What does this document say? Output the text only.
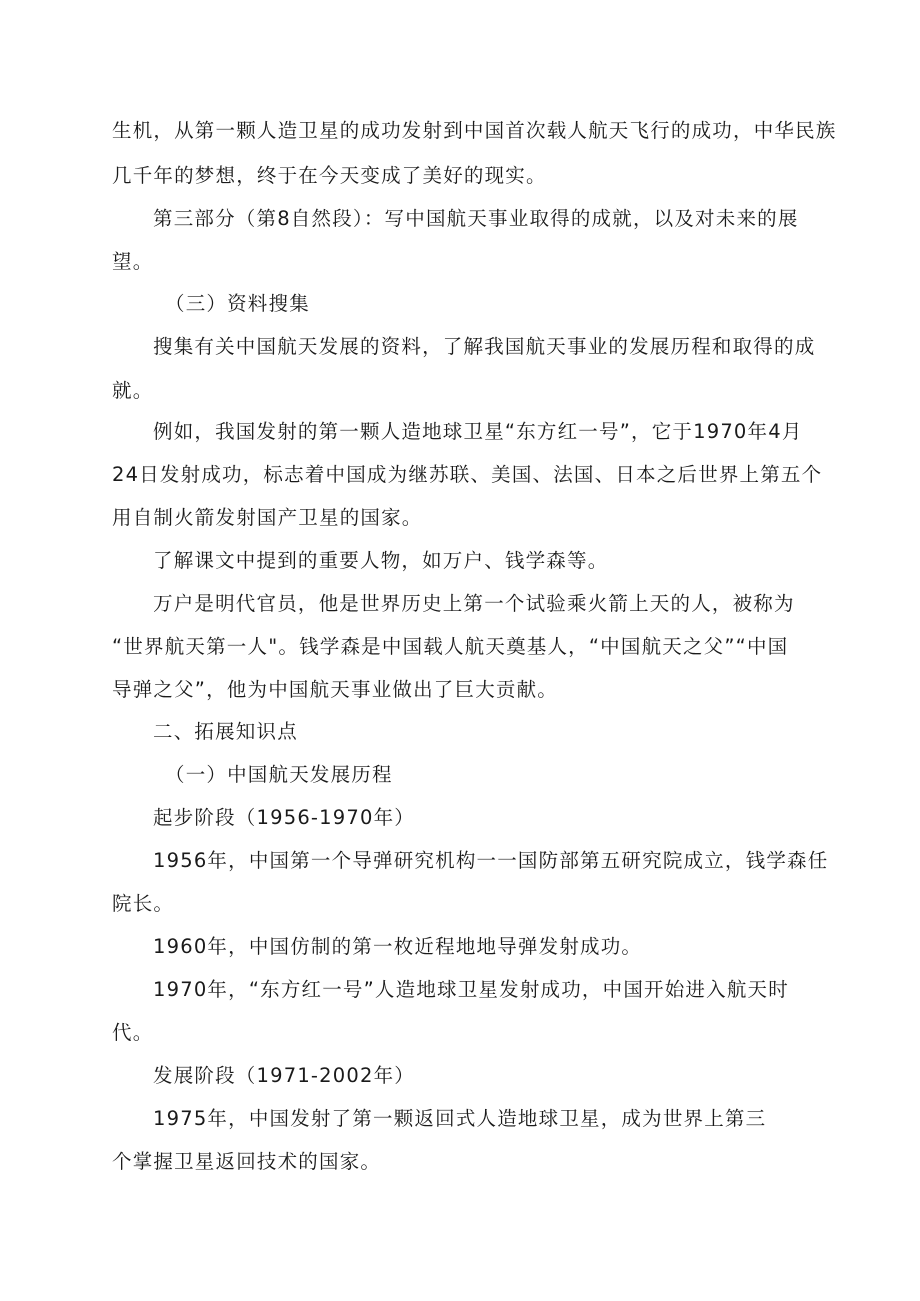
生机，从第一颗人造卫星的成功发射到中国首次载人航天飞行的成功，中华民族
几千年的梦想，终于在今天变成了美好的现实。
第三部分（第8自然段）：写中国航天事业取得的成就，以及对未来的展
望。
（三）资料搜集
搜集有关中国航天发展的资料，了解我国航天事业的发展历程和取得的成
就。
例如，我国发射的第一颗人造地球卫星“东方红一号”，它于1970年4月
24日发射成功，标志着中国成为继苏联、美国、法国、日本之后世界上第五个
用自制火箭发射国产卫星的国家。
了解课文中提到的重要人物，如万户、钱学森等。
万户是明代官员，他是世界历史上第一个试验乘火箭上天的人，被称为
“世界航天第一人"。钱学森是中国载人航天奠基人，“中国航天之父”“中国
导弹之父”，他为中国航天事业做出了巨大贡献。
二、拓展知识点
（一）中国航天发展历程
起步阶段（1956-1970年）
1956年，中国第一个导弹研究机构一一国防部第五研究院成立，钱学森任
院长。
1960年，中国仿制的第一枚近程地地导弹发射成功。
1970年，“东方红一号”人造地球卫星发射成功，中国开始进入航天时
代。
发展阶段（1971-2002年）
1975年，中国发射了第一颗返回式人造地球卫星，成为世界上第三
个掌握卫星返回技术的国家。
